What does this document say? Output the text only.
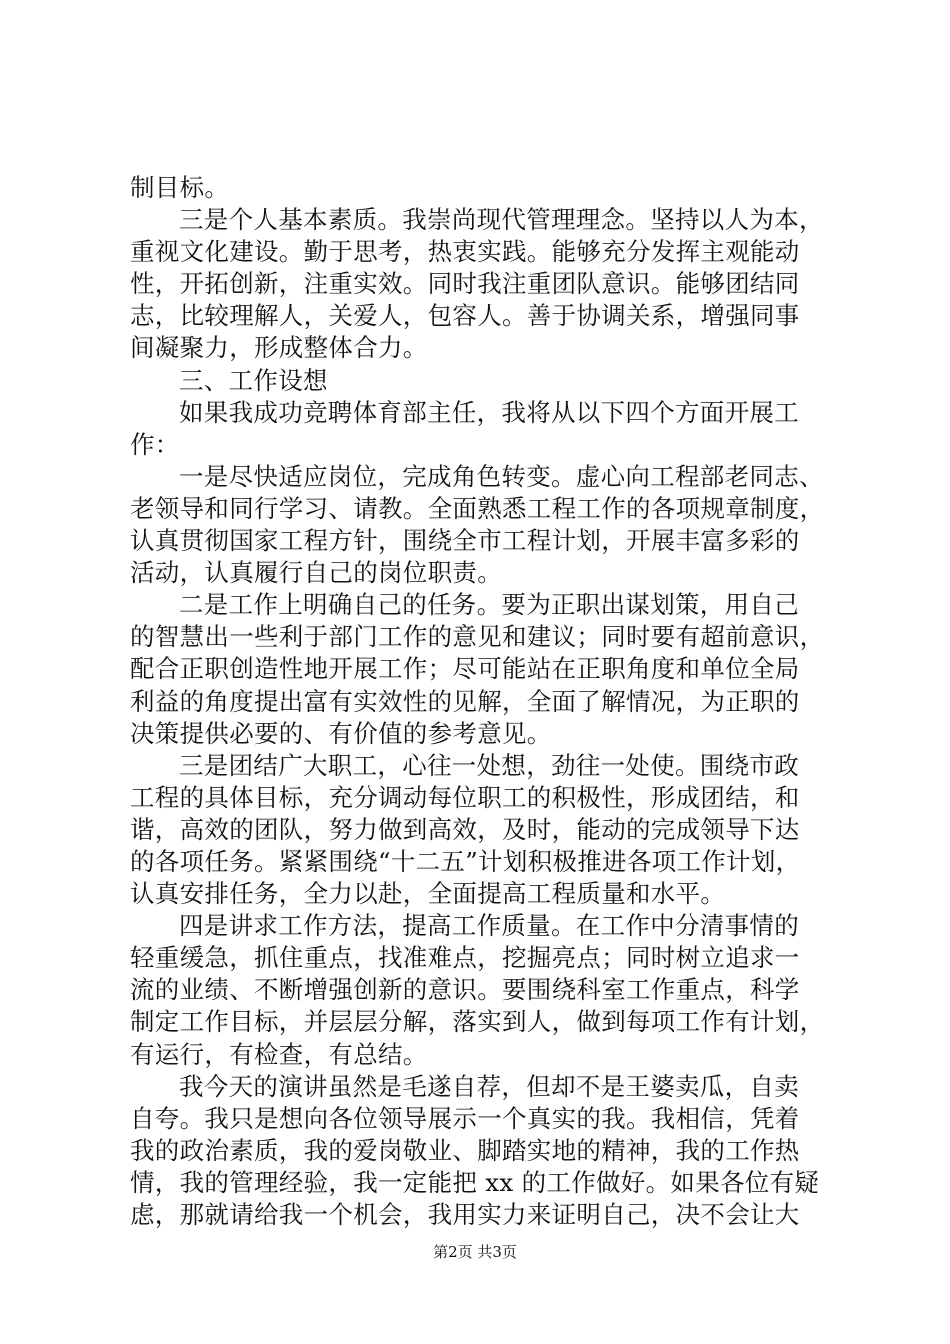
制目标。
三是个人基本素质。我崇尚现代管理理念。坚持以人为本，
重视文化建设。勤于思考，热衷实践。能够充分发挥主观能动
性，开拓创新，注重实效。同时我注重团队意识。能够团结同
志，比较理解人，关爱人，包容人。善于协调关系，增强同事
间凝聚力，形成整体合力。
三、工作设想
如果我成功竞聘体育部主任，我将从以下四个方面开展工
作：
一是尽快适应岗位，完成角色转变。虚心向工程部老同志、
老领导和同行学习、请教。全面熟悉工程工作的各项规章制度，
认真贯彻国家工程方针，围绕全市工程计划，开展丰富多彩的
活动，认真履行自己的岗位职责。
二是工作上明确自己的任务。要为正职出谋划策，用自己
的智慧出一些利于部门工作的意见和建议；同时要有超前意识，
配合正职创造性地开展工作；尽可能站在正职角度和单位全局
利益的角度提出富有实效性的见解，全面了解情况，为正职的
决策提供必要的、有价值的参考意见。
三是团结广大职工，心往一处想，劲往一处使。围绕市政
工程的具体目标，充分调动每位职工的积极性，形成团结，和
谐，高效的团队，努力做到高效，及时，能动的完成领导下达
的各项任务。紧紧围绕“十二五”计划积极推进各项工作计划，
认真安排任务，全力以赴，全面提高工程质量和水平。
四是讲求工作方法，提高工作质量。在工作中分清事情的
轻重缓急，抓住重点，找准难点，挖掘亮点；同时树立追求一
流的业绩、不断增强创新的意识。要围绕科室工作重点，科学
制定工作目标，并层层分解，落实到人，做到每项工作有计划，
有运行，有检查，有总结。
我今天的演讲虽然是毛遂自荐，但却不是王婆卖瓜，自卖
自夸。我只是想向各位领导展示一个真实的我。我相信，凭着
我的政治素质，我的爱岗敬业、脚踏实地的精神，我的工作热
情，我的管理经验，我一定能把 xx 的工作做好。如果各位有疑
虑，那就请给我一个机会，我用实力来证明自己，决不会让大
第2页 共3页
